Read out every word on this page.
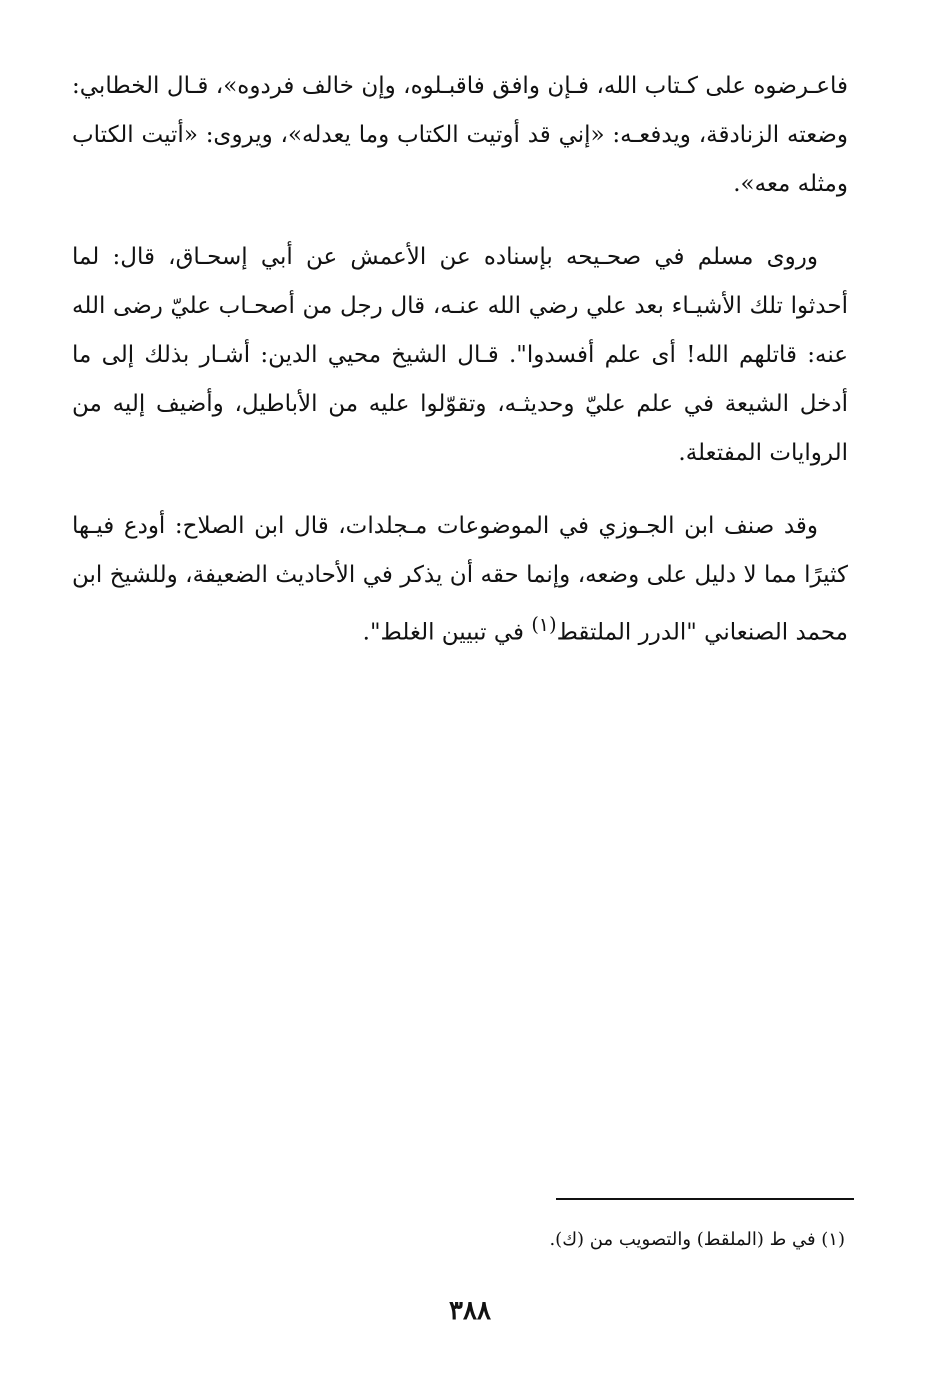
فاعـرضوه على كـتاب الله، فـإن وافق فاقبـلوه، وإن خالف فردوه»، قـال الخطابي: وضعته الزنادقة، ويدفعـه: «إني قد أوتيت الكتاب وما يعدله»، ويروى: «أتيت الكتاب ومثله معه».

وروى مسلم في صحـيحه بإسناده عن الأعمش عن أبي إسحـاق، قال: لما أحدثوا تلك الأشيـاء بعد علي رضي الله عنـه، قال رجل من أصحـاب عليّ رضى الله عنه: قاتلهم الله! أى علم أفسدوا". قـال الشيخ محيي الدين: أشـار بذلك إلى ما أدخل الشيعة في علم عليّ وحديثـه، وتقوّلوا عليه من الأباطيل، وأضيف إليه من الروايات المفتعلة.

وقد صنف ابن الجـوزي في الموضوعات مـجلدات، قال ابن الصلاح: أودع فيـها كثيرًا مما لا دليل على وضعه، وإنما حقه أن يذكر في الأحاديث الضعيفة، وللشيخ ابن محمد الصنعاني "الدرر الملتقط$^{(١)}$ في تبيين الغلط".

(١) في ط (الملقط) والتصويب من (ك).
٣٨٨
